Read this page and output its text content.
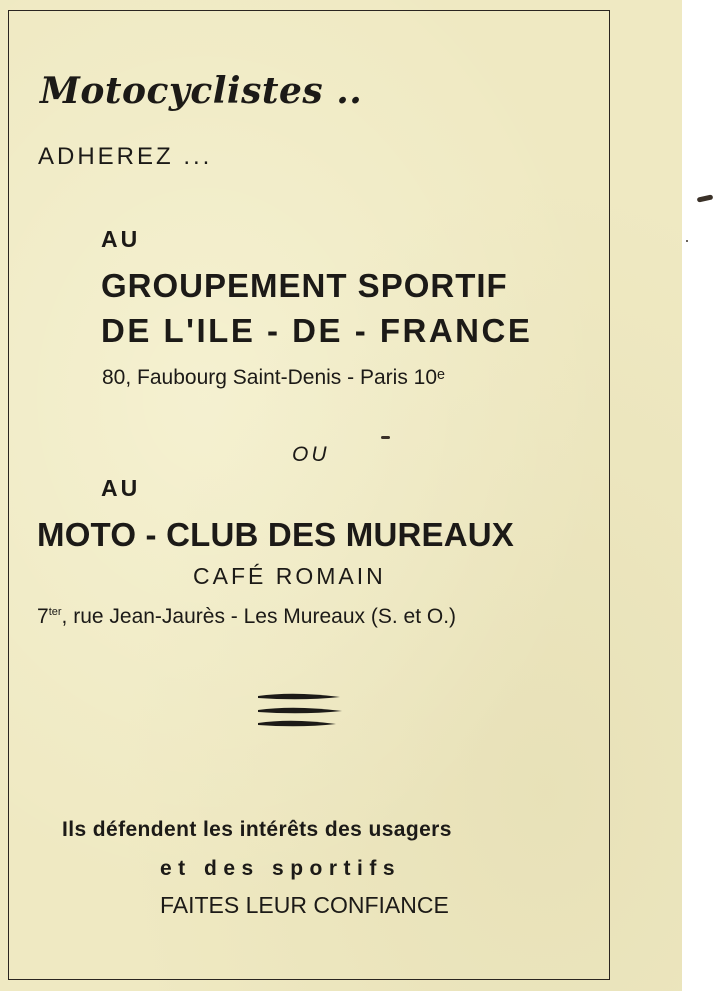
Motocyclistes ..

ADHEREZ ...

AU

GROUPEMENT SPORTIF

DE L'ILE - DE - FRANCE

80, Faubourg Saint-Denis - Paris 10ᵉ

OU

AU

MOTO - CLUB DES MUREAUX

CAFÉ ROMAIN

$7^{ter}$, rue Jean-Jaurès - Les Mureaux (S. et O.)

Ils défendent les intérêts des usagers

et des sportifs

FAITES LEUR CONFIANCE
